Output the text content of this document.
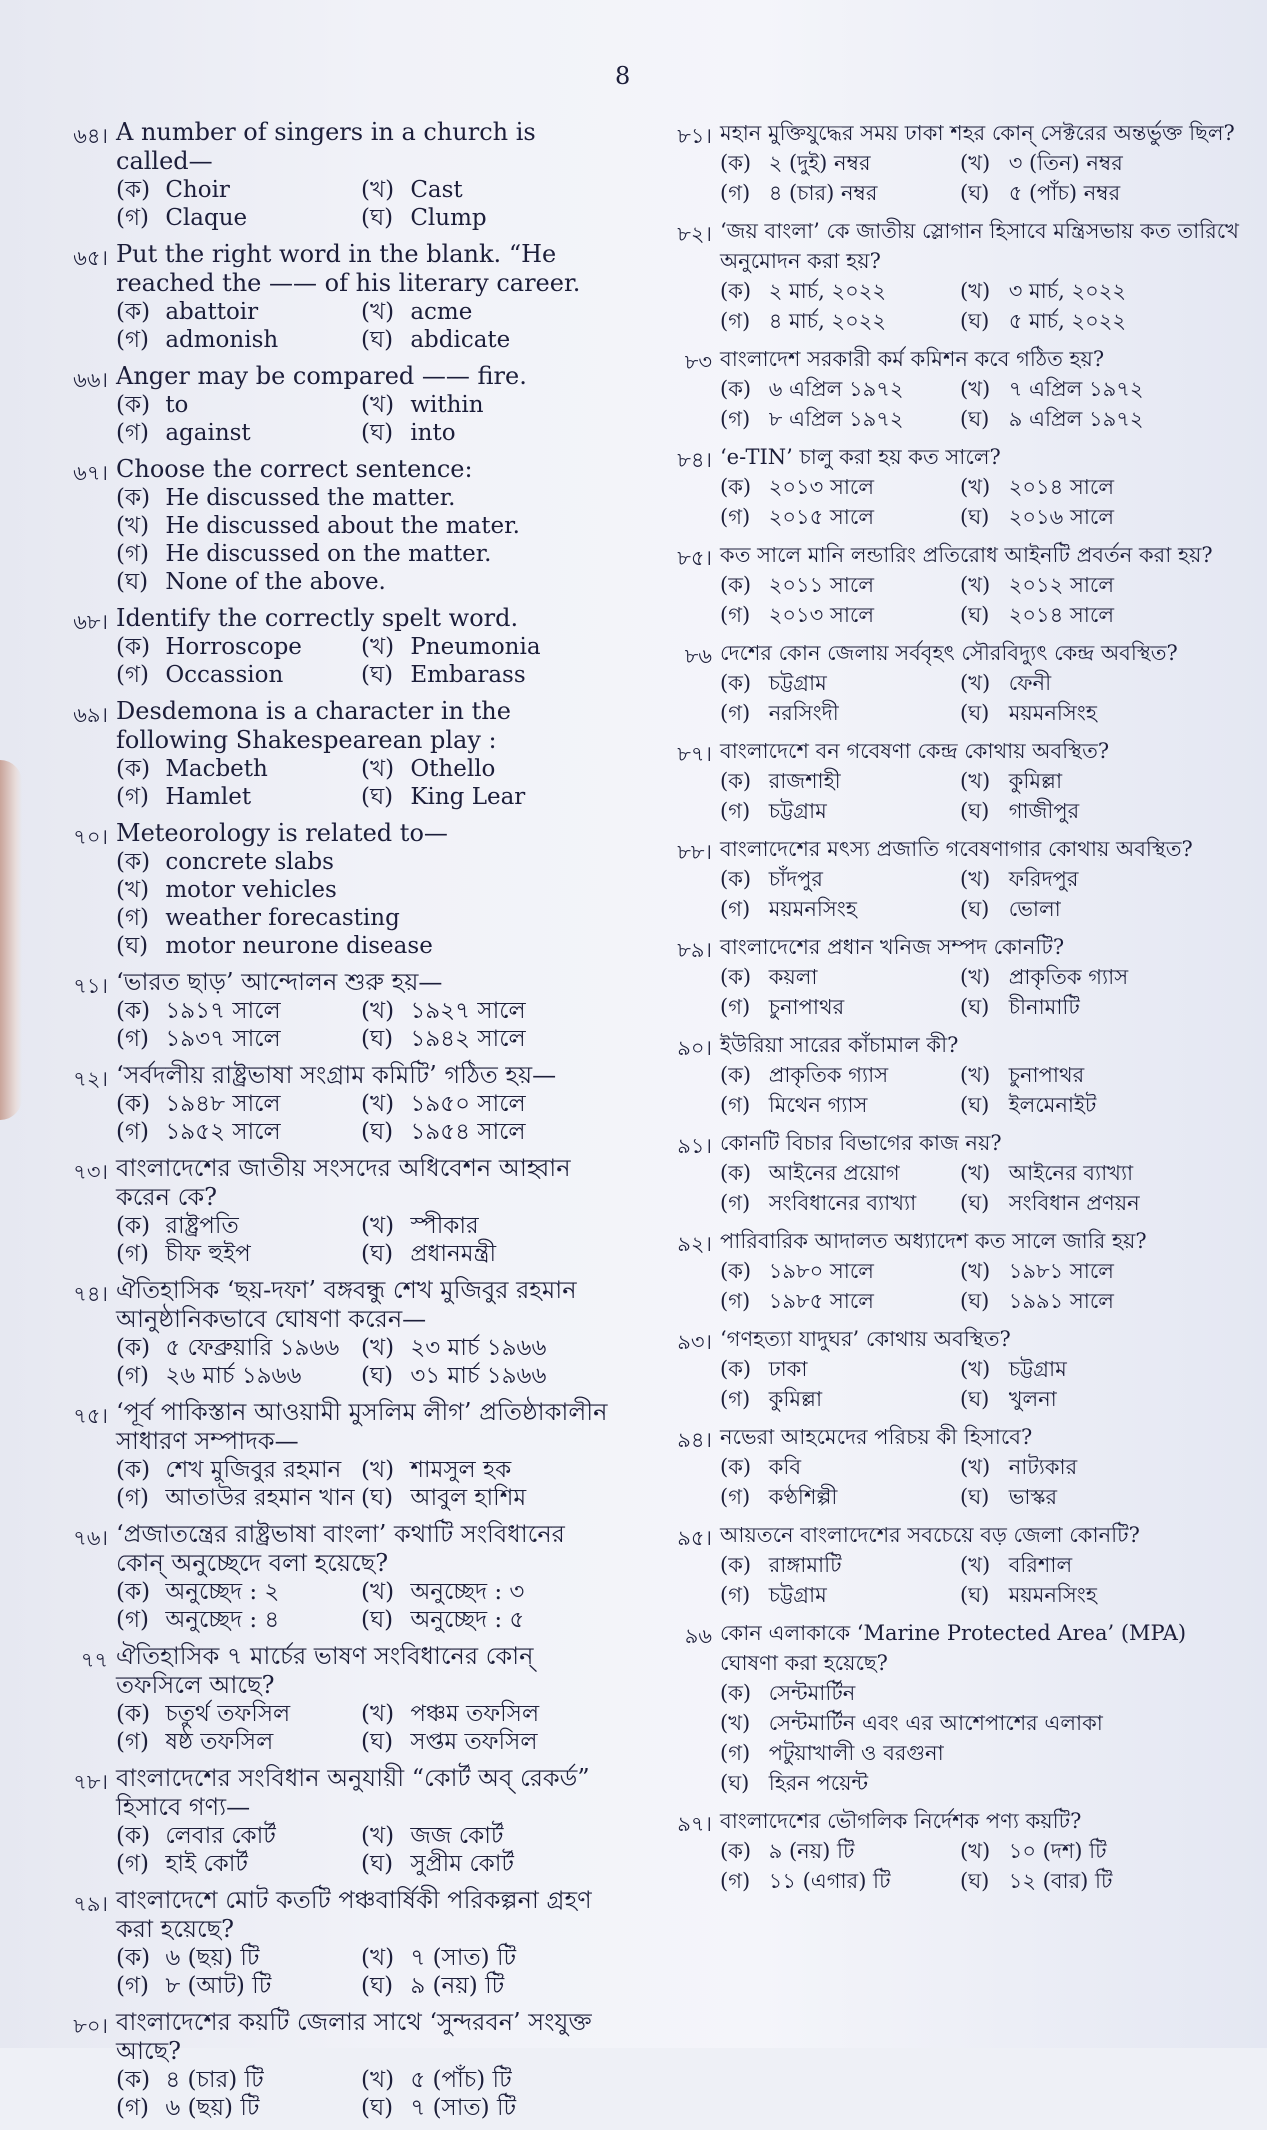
8
৬৪। A number of singers in a church is called—
(ক) Choir	(খ) Cast
(গ) Claque	(ঘ) Clump
৬৫। Put the right word in the blank. “He reached the —— of his literary career.
(ক) abattoir	(খ) acme
(গ) admonish	(ঘ) abdicate
৬৬। Anger may be compared —— fire.
(ক) to	(খ) within
(গ) against	(ঘ) into
৬৭। Choose the correct sentence:
(ক) He discussed the matter.
(খ) He discussed about the mater.
(গ) He discussed on the matter.
(ঘ) None of the above.
৬৮। Identify the correctly spelt word.
(ক) Horroscope	(খ) Pneumonia
(গ) Occassion	(ঘ) Embarass
৬৯। Desdemona is a character in the following Shakespearean play :
(ক) Macbeth	(খ) Othello
(গ) Hamlet	(ঘ) King Lear
৭০। Meteorology is related to—
(ক) concrete slabs
(খ) motor vehicles
(গ) weather forecasting
(ঘ) motor neurone disease
৭১। ‘ভারত ছাড়’ আন্দোলন শুরু হয়—
(ক) ১৯১৭ সালে	(খ) ১৯২৭ সালে
(গ) ১৯৩৭ সালে	(ঘ) ১৯৪২ সালে
৭২। ‘সর্বদলীয় রাষ্ট্রভাষা সংগ্রাম কমিটি’ গঠিত হয়—
(ক) ১৯৪৮ সালে	(খ) ১৯৫০ সালে
(গ) ১৯৫২ সালে	(ঘ) ১৯৫৪ সালে
৭৩। বাংলাদেশের জাতীয় সংসদের অধিবেশন আহ্বান করেন কে?
(ক) রাষ্ট্রপতি	(খ) স্পীকার
(গ) চীফ হুইপ	(ঘ) প্রধানমন্ত্রী
৭৪। ঐতিহাসিক ‘ছয়-দফা’ বঙ্গবন্ধু শেখ মুজিবুর রহমান আনুষ্ঠানিকভাবে ঘোষণা করেন—
(ক) ৫ ফেব্রুয়ারি ১৯৬৬ (খ) ২৩ মার্চ ১৯৬৬
(গ) ২৬ মার্চ ১৯৬৬	(ঘ) ৩১ মার্চ ১৯৬৬
৭৫। ‘পূর্ব পাকিস্তান আওয়ামী মুসলিম লীগ’ প্রতিষ্ঠাকালীন সাধারণ সম্পাদক—
(ক) শেখ মুজিবুর রহমান (খ) শামসুল হক
(গ) আতাউর রহমান খান (ঘ) আবুল হাশিম
৭৬। ‘প্রজাতন্ত্রের রাষ্ট্রভাষা বাংলা’ কথাটি সংবিধানের কোন্ অনুচ্ছেদে বলা হয়েছে?
(ক) অনুচ্ছেদ : ২	(খ) অনুচ্ছেদ : ৩
(গ) অনুচ্ছেদ : ৪	(ঘ) অনুচ্ছেদ : ৫
৭৭ ঐতিহাসিক ৭ মার্চের ভাষণ সংবিধানের কোন্ তফসিলে আছে?
(ক) চতুর্থ তফসিল	(খ) পঞ্চম তফসিল
(গ) ষষ্ঠ তফসিল	(ঘ) সপ্তম তফসিল
৭৮। বাংলাদেশের সংবিধান অনুযায়ী “কোর্ট অব্ রেকর্ড” হিসাবে গণ্য—
(ক) লেবার কোর্ট	(খ) জজ কোর্ট
(গ) হাই কোর্ট	(ঘ) সুপ্রীম কোর্ট
৭৯। বাংলাদেশে মোট কতটি পঞ্চবার্ষিকী পরিকল্পনা গ্রহণ করা হয়েছে?
(ক) ৬ (ছয়) টি	(খ) ৭ (সাত) টি
(গ) ৮ (আট) টি	(ঘ) ৯ (নয়) টি
৮০। বাংলাদেশের কয়টি জেলার সাথে ‘সুন্দরবন’ সংযুক্ত আছে?
(ক) ৪ (চার) টি	(খ) ৫ (পাঁচ) টি
(গ) ৬ (ছয়) টি	(ঘ) ৭ (সাত) টি
৮১। মহান মুক্তিযুদ্ধের সময় ঢাকা শহর কোন্ সেক্টরের অন্তর্ভুক্ত ছিল?
(ক) ২ (দুই) নম্বর	(খ) ৩ (তিন) নম্বর
(গ) ৪ (চার) নম্বর	(ঘ) ৫ (পাঁচ) নম্বর
৮২। ‘জয় বাংলা’ কে জাতীয় স্লোগান হিসাবে মন্ত্রিসভায় কত তারিখে অনুমোদন করা হয়?
(ক) ২ মার্চ, ২০২২	(খ) ৩ মার্চ, ২০২২
(গ) ৪ মার্চ, ২০২২	(ঘ) ৫ মার্চ, ২০২২
৮৩ বাংলাদেশ সরকারী কর্ম কমিশন কবে গঠিত হয়?
(ক) ৬ এপ্রিল ১৯৭২	(খ) ৭ এপ্রিল ১৯৭২
(গ) ৮ এপ্রিল ১৯৭২	(ঘ) ৯ এপ্রিল ১৯৭২
৮৪। ‘e-TIN’ চালু করা হয় কত সালে?
(ক) ২০১৩ সালে	(খ) ২০১৪ সালে
(গ) ২০১৫ সালে	(ঘ) ২০১৬ সালে
৮৫। কত সালে মানি লন্ডারিং প্রতিরোধ আইনটি প্রবর্তন করা হয়?
(ক) ২০১১ সালে	(খ) ২০১২ সালে
(গ) ২০১৩ সালে	(ঘ) ২০১৪ সালে
৮৬ দেশের কোন জেলায় সর্ববৃহৎ সৌরবিদ্যুৎ কেন্দ্র অবস্থিত?
(ক) চট্টগ্রাম	(খ) ফেনী
(গ) নরসিংদী	(ঘ) ময়মনসিংহ
৮৭। বাংলাদেশে বন গবেষণা কেন্দ্র কোথায় অবস্থিত?
(ক) রাজশাহী	(খ) কুমিল্লা
(গ) চট্টগ্রাম	(ঘ) গাজীপুর
৮৮। বাংলাদেশের মৎস্য প্রজাতি গবেষণাগার কোথায় অবস্থিত?
(ক) চাঁদপুর	(খ) ফরিদপুর
(গ) ময়মনসিংহ	(ঘ) ভোলা
৮৯। বাংলাদেশের প্রধান খনিজ সম্পদ কোনটি?
(ক) কয়লা	(খ) প্রাকৃতিক গ্যাস
(গ) চুনাপাথর	(ঘ) চীনামাটি
৯০। ইউরিয়া সারের কাঁচামাল কী?
(ক) প্রাকৃতিক গ্যাস	(খ) চুনাপাথর
(গ) মিথেন গ্যাস	(ঘ) ইলমেনাইট
৯১। কোনটি বিচার বিভাগের কাজ নয়?
(ক) আইনের প্রয়োগ	(খ) আইনের ব্যাখ্যা
(গ) সংবিধানের ব্যাখ্যা	(ঘ) সংবিধান প্রণয়ন
৯২। পারিবারিক আদালত অধ্যাদেশ কত সালে জারি হয়?
(ক) ১৯৮০ সালে	(খ) ১৯৮১ সালে
(গ) ১৯৮৫ সালে	(ঘ) ১৯৯১ সালে
৯৩। ‘গণহত্যা যাদুঘর’ কোথায় অবস্থিত?
(ক) ঢাকা	(খ) চট্টগ্রাম
(গ) কুমিল্লা	(ঘ) খুলনা
৯৪। নভেরা আহমেদের পরিচয় কী হিসাবে?
(ক) কবি	(খ) নাট্যকার
(গ) কণ্ঠশিল্পী	(ঘ) ভাস্কর
৯৫। আয়তনে বাংলাদেশের সবচেয়ে বড় জেলা কোনটি?
(ক) রাঙ্গামাটি	(খ) বরিশাল
(গ) চট্টগ্রাম	(ঘ) ময়মনসিংহ
৯৬ কোন এলাকাকে ‘Marine Protected Area’ (MPA) ঘোষণা করা হয়েছে?
(ক) সেন্টমার্টিন
(খ) সেন্টমার্টিন এবং এর আশেপাশের এলাকা
(গ) পটুয়াখালী ও বরগুনা
(ঘ) হিরন পয়েন্ট
৯৭। বাংলাদেশের ভৌগলিক নির্দেশক পণ্য কয়টি?
(ক) ৯ (নয়) টি	(খ) ১০ (দশ) টি
(গ) ১১ (এগার) টি	(ঘ) ১২ (বার) টি
